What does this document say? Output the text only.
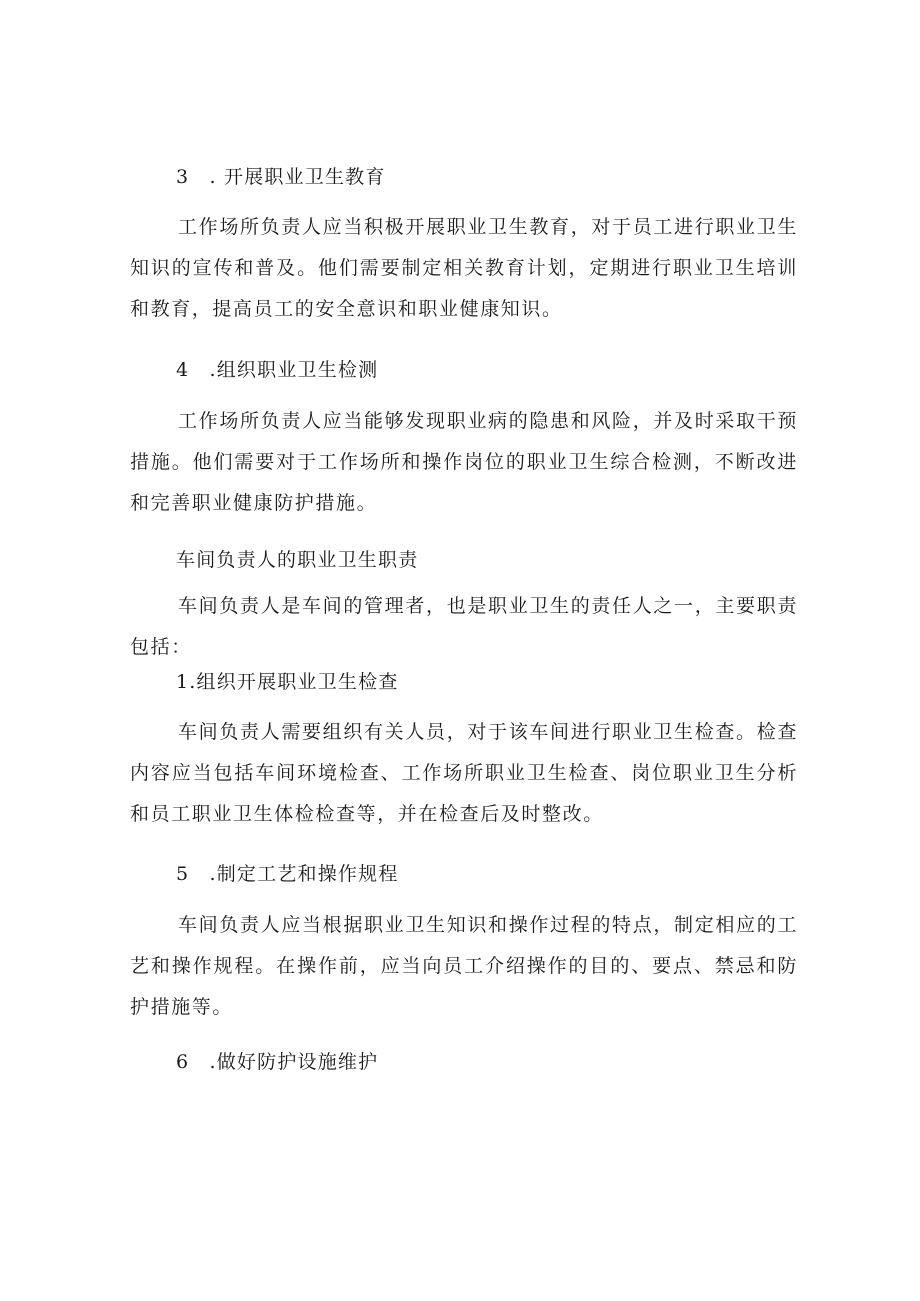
3 . 开展职业卫生教育
工作场所负责人应当积极开展职业卫生教育，对于员工进行职业卫生知识的宣传和普及。他们需要制定相关教育计划，定期进行职业卫生培训和教育，提高员工的安全意识和职业健康知识。
4 .组织职业卫生检测
工作场所负责人应当能够发现职业病的隐患和风险，并及时采取干预措施。他们需要对于工作场所和操作岗位的职业卫生综合检测，不断改进和完善职业健康防护措施。
车间负责人的职业卫生职责
车间负责人是车间的管理者，也是职业卫生的责任人之一，主要职责包括：
1.组织开展职业卫生检查
车间负责人需要组织有关人员，对于该车间进行职业卫生检查。检查内容应当包括车间环境检查、工作场所职业卫生检查、岗位职业卫生分析和员工职业卫生体检检查等，并在检查后及时整改。
5 .制定工艺和操作规程
车间负责人应当根据职业卫生知识和操作过程的特点，制定相应的工艺和操作规程。在操作前，应当向员工介绍操作的目的、要点、禁忌和防护措施等。
6 .做好防护设施维护
